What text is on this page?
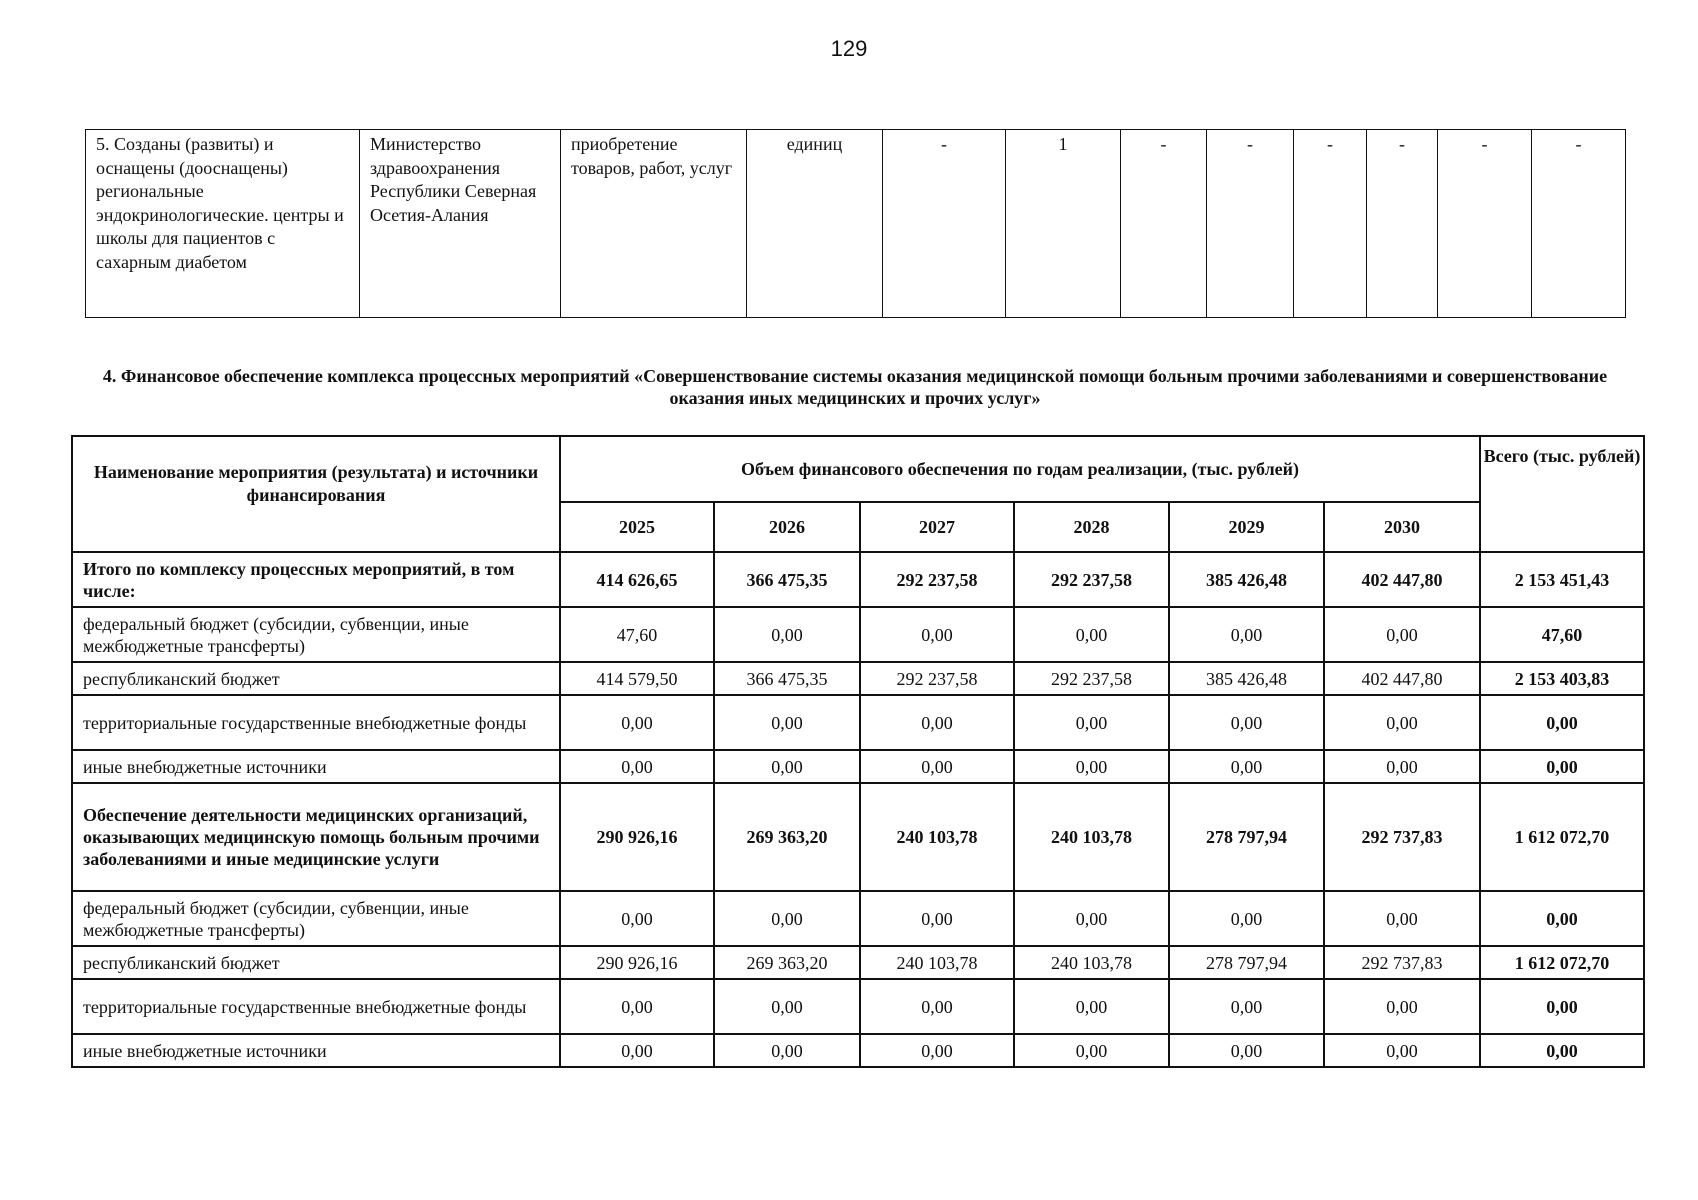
129
5. Созданы (развиты) и оснащены (дооснащены) региональные эндокринологические. центры и школы для пациентов с сахарным диабетом	Министерство здравоохранения Республики Северная Осетия-Алания	приобретение товаров, работ, услуг	единиц	-	1	-	-	-	-	-	-
4. Финансовое обеспечение комплекса процессных мероприятий «Совершенствование системы оказания медицинской помощи больным прочими заболеваниями и совершенствование оказания иных медицинских и прочих услуг»
Наименование мероприятия (результата) и источники финансирования	Объем финансового обеспечения по годам реализации, (тыс. рублей)						Всего (тыс. рублей)
	2025	2026	2027	2028	2029	2030	
Итого по комплексу процессных мероприятий, в том числе:	414 626,65	366 475,35	292 237,58	292 237,58	385 426,48	402 447,80	2 153 451,43
федеральный бюджет (субсидии, субвенции, иные межбюджетные трансферты)	47,60	0,00	0,00	0,00	0,00	0,00	47,60
республиканский бюджет	414 579,50	366 475,35	292 237,58	292 237,58	385 426,48	402 447,80	2 153 403,83
территориальные государственные внебюджетные фонды	0,00	0,00	0,00	0,00	0,00	0,00	0,00
иные внебюджетные источники	0,00	0,00	0,00	0,00	0,00	0,00	0,00
Обеспечение деятельности медицинских организаций, оказывающих медицинскую помощь больным прочими заболеваниями и иные медицинские услуги	290 926,16	269 363,20	240 103,78	240 103,78	278 797,94	292 737,83	1 612 072,70
федеральный бюджет (субсидии, субвенции, иные межбюджетные трансферты)	0,00	0,00	0,00	0,00	0,00	0,00	0,00
республиканский бюджет	290 926,16	269 363,20	240 103,78	240 103,78	278 797,94	292 737,83	1 612 072,70
территориальные государственные внебюджетные фонды	0,00	0,00	0,00	0,00	0,00	0,00	0,00
иные внебюджетные источники	0,00	0,00	0,00	0,00	0,00	0,00	0,00
